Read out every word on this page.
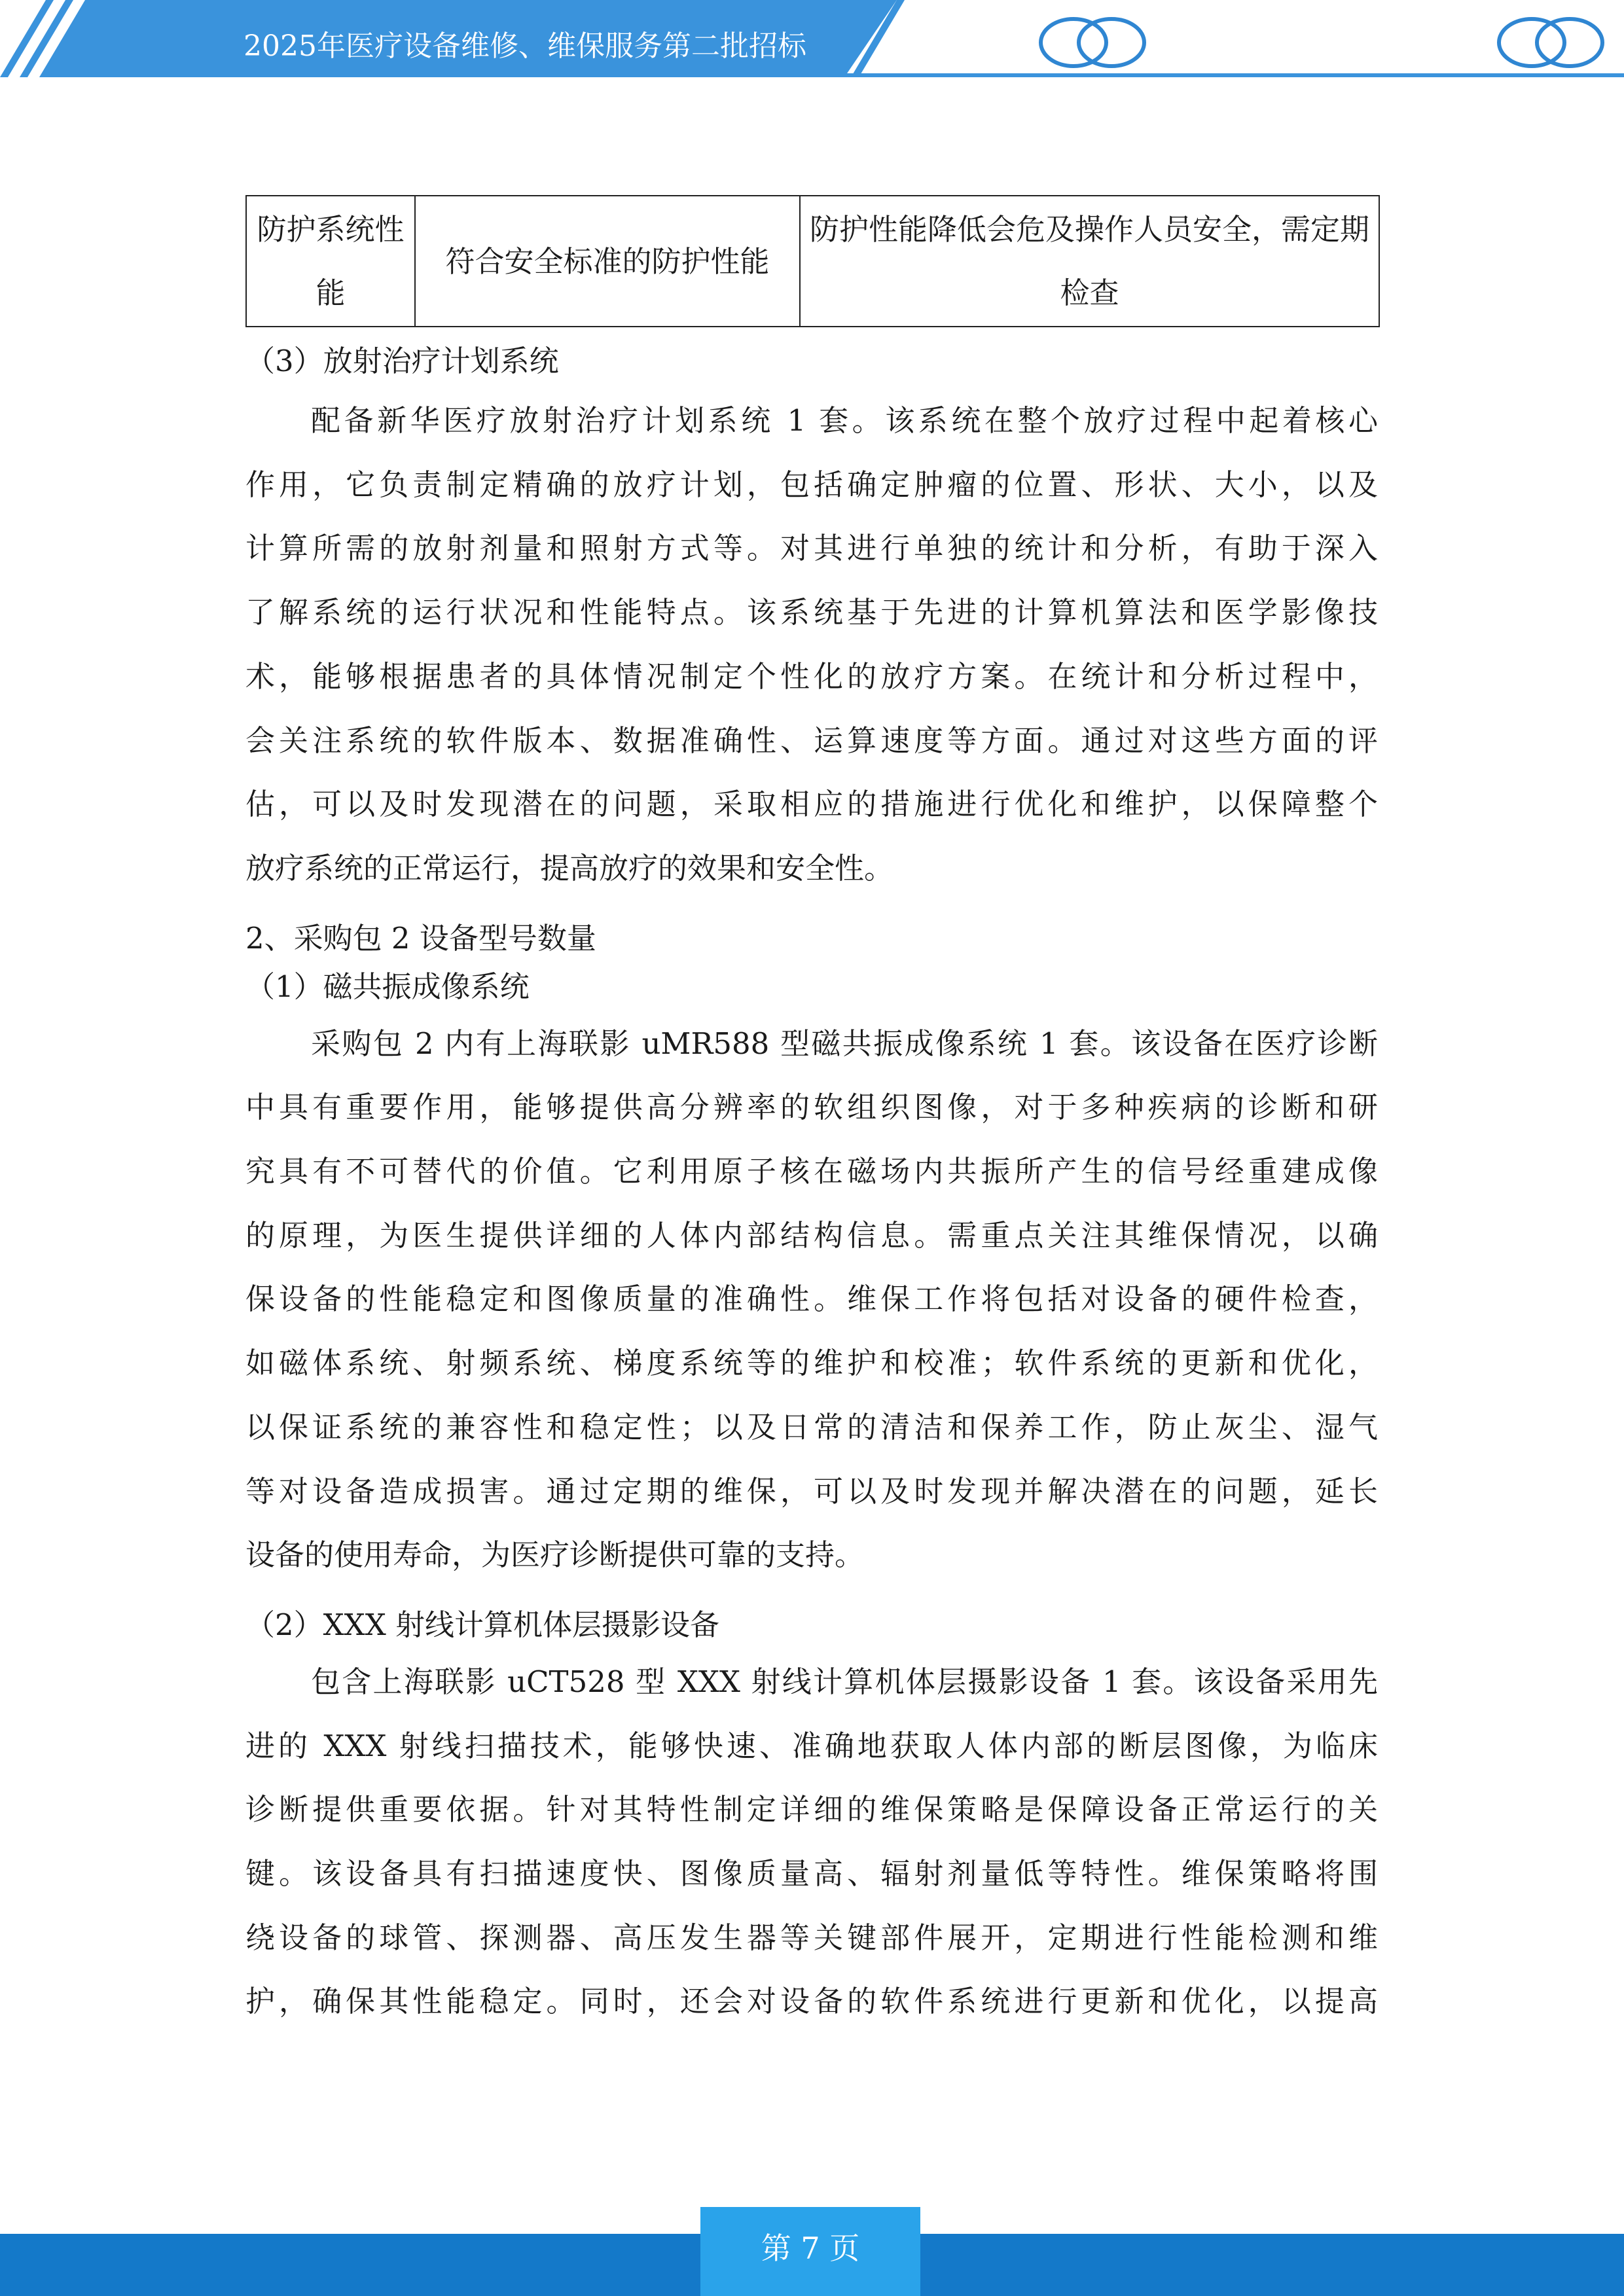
2025年医疗设备维修、维保服务第二批招标
防护系统性能	符合安全标准的防护性能	防护性能降低会危及操作人员安全，需定期检查

（3）放射治疗计划系统

配备新华医疗放射治疗计划系统 1 套。该系统在整个放疗过程中起着核心
作用，它负责制定精确的放疗计划，包括确定肿瘤的位置、形状、大小，以及
计算所需的放射剂量和照射方式等。对其进行单独的统计和分析，有助于深入
了解系统的运行状况和性能特点。该系统基于先进的计算机算法和医学影像技
术，能够根据患者的具体情况制定个性化的放疗方案。在统计和分析过程中，
会关注系统的软件版本、数据准确性、运算速度等方面。通过对这些方面的评
估，可以及时发现潜在的问题，采取相应的措施进行优化和维护，以保障整个
放疗系统的正常运行，提高放疗的效果和安全性。

2、采购包 2 设备型号数量

（1）磁共振成像系统

采购包 2 内有上海联影 uMR588 型磁共振成像系统 1 套。该设备在医疗诊断
中具有重要作用，能够提供高分辨率的软组织图像，对于多种疾病的诊断和研
究具有不可替代的价值。它利用原子核在磁场内共振所产生的信号经重建成像
的原理，为医生提供详细的人体内部结构信息。需重点关注其维保情况，以确
保设备的性能稳定和图像质量的准确性。维保工作将包括对设备的硬件检查，
如磁体系统、射频系统、梯度系统等的维护和校准；软件系统的更新和优化，
以保证系统的兼容性和稳定性；以及日常的清洁和保养工作，防止灰尘、湿气
等对设备造成损害。通过定期的维保，可以及时发现并解决潜在的问题，延长
设备的使用寿命，为医疗诊断提供可靠的支持。

（2）XXX 射线计算机体层摄影设备

包含上海联影 uCT528 型 XXX 射线计算机体层摄影设备 1 套。该设备采用先
进的 XXX 射线扫描技术，能够快速、准确地获取人体内部的断层图像，为临床
诊断提供重要依据。针对其特性制定详细的维保策略是保障设备正常运行的关
键。该设备具有扫描速度快、图像质量高、辐射剂量低等特性。维保策略将围
绕设备的球管、探测器、高压发生器等关键部件展开，定期进行性能检测和维
护，确保其性能稳定。同时，还会对设备的软件系统进行更新和优化，以提高
第 7 页
